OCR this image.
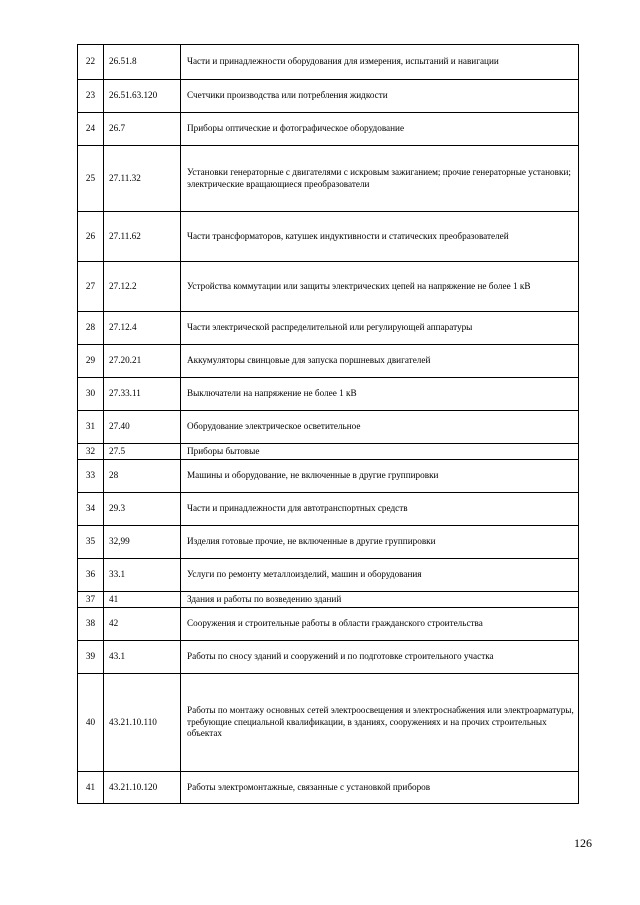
22	26.51.8	Части и принадлежности оборудования для измерения, испытаний и навигации
23	26.51.63.120	Счетчики производства или потребления жидкости
24	26.7	Приборы оптические и фотографическое оборудование
25	27.11.32	Установки генераторные с двигателями с искровым зажиганием; прочие генераторные установки; электрические вращающиеся преобразователи
26	27.11.62	Части трансформаторов, катушек индуктивности и статических преобразователей
27	27.12.2	Устройства коммутации или защиты электрических цепей на напряжение не более 1 кВ
28	27.12.4	Части электрической распределительной или регулирующей аппаратуры
29	27.20.21	Аккумуляторы свинцовые для запуска поршневых двигателей
30	27.33.11	Выключатели на напряжение не более 1 кВ
31	27.40	Оборудование электрическое осветительное
32	27.5	Приборы бытовые
33	28	Машины и оборудование, не включенные в другие группировки
34	29.3	Части и принадлежности для автотранспортных средств
35	32,99	Изделия готовые прочие, не включенные в другие группировки
36	33.1	Услуги по ремонту металлоизделий, машин и оборудования
37	41	Здания и работы по возведению зданий
38	42	Сооружения и строительные работы в области гражданского строительства
39	43.1	Работы по сносу зданий и сооружений и по подготовке строительного участка
40	43.21.10.110	Работы по монтажу основных сетей электроосвещения и электроснабжения или электроарматуры, требующие специальной квалификации, в зданиях, сооружениях и на прочих строительных объектах
41	43.21.10.120	Работы электромонтажные, связанные с установкой приборов
126
